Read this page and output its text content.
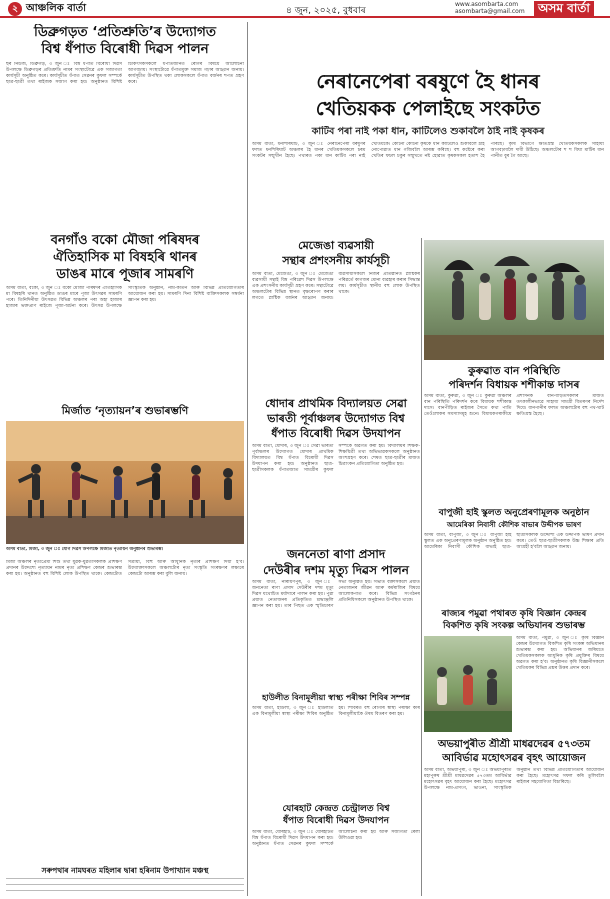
২ আঞ্চলিক বাৰ্তা	৪ জুন, ২০২৫, বুধবাৰ
www.asombarta.com
asombarta@gmail.com	অসম বাৰ্তা
ডিব্ৰুগড়ত ‘প্ৰতিশ্ৰুতি’ৰ উদ্যোগত
বিশ্ব ধঁপাত বিৰোধী দিৱস পালন
ছৰ নিউজ, ডিব্ৰুগড়, ৩ জুন ঃ বিশ্ব ধঁপাত বিৰোধী দিৱস উপলক্ষে ডিব্ৰুগড়ৰ প্ৰতিশ্ৰুতি নামৰ সংস্থাটোৱে এক সজাগতা কাৰ্যসূচী অনুষ্ঠিত কৰে। কাৰ্যসূচীত ধঁপাত সেৱনৰ কুফল সম্পৰ্কে ছাত্ৰ-ছাত্ৰী তথা ৰাইজক সজাগ কৰা হয়। অনুষ্ঠানত বিশিষ্ট চিকিৎসকসকলে ধঁপাতজনিত ৰোগৰ বিষয়ে আলোচনা আগবঢ়ায়। সংস্থাটোৱে ধঁপাতমুক্ত সমাজ গঢ়াৰ আহ্বান জনায়। কাৰ্যসূচীত উপস্থিত থকা লোকসকলে ধঁপাত বৰ্জনৰ শপত গ্ৰহণ কৰে।
বনগাঁও বকো মৌজা পৰিষদৰ
ঐতিহাসিক মা বিষহৰি থানৰ
ডাঙৰ মাৰে পূজাৰ সামৰণি
অসম বাৰ্তা, বকো, ৩ জুন ঃ বকো মৌজা পৰিষদৰ ঐতিহাসিক মা বিষহৰি থানত অনুষ্ঠিত ডাঙৰ মাৰে পূজা উৎসৱৰ সামৰণি পৰে। তিনিদিনীয়া উৎসৱত বিভিন্ন অঞ্চলৰ পৰা অহা হাজাৰ হাজাৰ ভক্তপ্ৰাণ ৰাইজে পূজা-অৰ্চনা কৰে। উৎসৱ উপলক্ষে সাংস্কৃতিক অনুষ্ঠান, নাম-কীৰ্তন আৰু বিভিন্ন প্ৰতিযোগিতাৰ আয়োজন কৰা হয়। সামৰণি দিনা বিশিষ্ট ব্যক্তিসকলক সম্বৰ্ধনা জ্ঞাপন কৰা হয়।
মিৰ্জাত ‘নৃত্যায়ন’ৰ শুভাৰম্ভণি
অসম বাৰ্তা, মিৰ্জা, ৩ জুন ঃ যোগ দিৱস উপলক্ষে মিৰ্জাত নৃত্যায়ন অনুষ্ঠানৰ শুভাৰম্ভ।
মিৰ্জা অঞ্চলৰ নৃত্যপ্ৰেমী শিশু তথা যুৱক-যুৱতীসকলক প্ৰশিক্ষণ প্ৰদানৰ উদ্দেশ্যে নৃত্যায়ন নামৰ নৃত্য প্ৰশিক্ষণ কেন্দ্ৰৰ শুভাৰম্ভ কৰা হয়। অনুষ্ঠানত বহু বিশিষ্ট লোক উপস্থিত থাকে। কেন্দ্ৰটোত সত্ৰীয়া, বিহু আৰু আধুনিক নৃত্যৰ প্ৰশিক্ষণ দিয়া হ'ব। উদ্যোক্তাসকলে অঞ্চলটোৰ নৃত্য সংস্কৃতি সংৰক্ষণৰ লক্ষ্যৰে কেন্দ্ৰটো আৰম্ভ কৰা বুলি জনায়।
সৰুপথাৰ নামঘৰত মহিলাৰ দ্বাৰা হৰিনাম উপাখ্যান মঞ্চস্থ
নেৰানেপেৰা বৰষুণে হৈ ধানৰ
খেতিয়কক পেলাইছে সংকটত
কাটিব পৰা নাই পকা ধান, কাটিলেও শুকাবলৈ ঠাই নাই কৃষকৰ
অসম বাৰ্তা, ধনশিৰিঘাট, ৩ জুন ঃ নেৰানেপেৰা বৰষুণৰ ফলত ধনশিৰিঘাট অঞ্চলৰ হৈ ধানৰ খেতিয়কসকলে চৰম সংকটৰ সন্মুখীন হৈছে। পথাৰত পকা ধান কাটিব পৰা নাই খেতিয়কে। কোনো কোনো কৃষকে ধান কাটিলেও শুকাবলৈ ঠাই নোপোৱাত ধান গজিবলৈ আৰম্ভ কৰিছে। বহু কষ্টেৰে কৰা খেতিৰ ফচল চকুৰ সন্মুখতে নষ্ট হোৱাত কৃষকসকল হতাশ হৈ পৰিছে। কৃষি বিভাগে ক্ষতিগ্ৰস্ত খেতিয়কসকলক সাহায্য আগবঢ়াবলৈ দাবী উঠিছে। অঞ্চলটোৰ শ শ বিঘা মাটিৰ ধান পানীত বুৰ গৈ আছে।
মেজেঙা ব্যৱসায়ী
সন্থাৰ প্ৰশংসনীয় কাৰ্যসূচী
অসম বাৰ্তা, মেজেঙা, ৩ জুন ঃ মেজেঙা ব্যৱসায়ী সন্থাই বিশ্ব পৰিৱেশ দিৱস উপলক্ষে এক প্ৰশংসনীয় কাৰ্যসূচী গ্ৰহণ কৰে। সন্থাটোৱে অঞ্চলটোৰ বিভিন্ন স্থানত বৃক্ষৰোপণ কৰাৰ লগতে প্লাষ্টিক বৰ্জনৰ আহ্বান জনায়। ব্যৱসায়ীসকলে নিজৰ প্ৰতিষ্ঠানত প্লাষ্টিকৰ পৰিৱৰ্তে কাগজৰ মোনা ব্যৱহাৰ কৰাৰ সিদ্ধান্ত লয়। কাৰ্যসূচীত স্থানীয় বহু লোক উপস্থিত থাকে।
ধোদাৰ প্ৰাথমিক বিদ্যালয়ত সেৱা
ভাৰতী পূৰ্বাঞ্চলৰ উদ্যোগত বিশ্ব
ধঁপাত বিৰোধী দিৱস উদযাপন
অসম বাৰ্তা, ধোদাৰ, ৩ জুন ঃ সেৱা ভাৰতী পূৰ্বাঞ্চলৰ উদ্যোগত ধোদাৰ প্ৰাথমিক বিদ্যালয়ত বিশ্ব ধঁপাত বিৰোধী দিৱস উদযাপন কৰা হয়। অনুষ্ঠানত ছাত্ৰ-ছাত্ৰীসকলক ধঁপাতজাত সামগ্ৰীৰ কুফল সম্পৰ্কে অৱগত কৰা হয়। বিদ্যালয়ৰ শিক্ষক-শিক্ষয়িত্ৰী তথা অভিভাৱকসকলে অনুষ্ঠানত অংশগ্ৰহণ কৰে। শেষত ছাত্ৰ-ছাত্ৰীৰ মাজত চিত্ৰাংকন প্ৰতিযোগিতা অনুষ্ঠিত হয়।
জননেতা ৰাণা প্ৰসাদ
দেউৰীৰ দশম মৃত্যু দিৱস পালন
অসম বাৰ্তা, নাৰায়ণপুৰ, ৩ জুন ঃ জননেতা ৰাণা প্ৰসাদ দেউৰীৰ দশম মৃত্যু দিৱস যথোচিত মৰ্যাদাৰে পালন কৰা হয়। পুৱা প্ৰয়াত নেতাজনৰ প্ৰতিকৃতিত শ্ৰদ্ধাঞ্জলি জ্ঞাপন কৰা হয়। তাৰ পিছত এক স্মৃতিচাৰণ সভা অনুষ্ঠিত হয়। সভাত বক্তাসকলে প্ৰয়াত নেতাজনৰ জীৱন আৰু কৰ্মৰাজিৰ বিষয়ে আলোকপাত কৰে। বিভিন্ন সংগঠনৰ প্ৰতিনিধিসকলে অনুষ্ঠানত উপস্থিত থাকে।
হাউলীত বিনামূলীয়া স্বাস্থ্য পৰীক্ষা শিবিৰ সম্পন্ন
অসম বাৰ্তা, হাউলী, ৩ জুন ঃ হাউলীত এক বিনামূলীয়া স্বাস্থ্য পৰীক্ষা শিবিৰ অনুষ্ঠিত হয়। শিবিৰত বহু ৰোগীৰ স্বাস্থ্য পৰীক্ষা কৰি বিনামূলীয়াকৈ ঔষধ বিতৰণ কৰা হয়।
যোৰহাট কেন্দ্ৰত চেন্ট্ৰালত বিশ্ব
ধঁপাত বিৰোধী দিৱস উদযাপন
অসম বাৰ্তা, যোৰহাট, ৩ জুন ঃ যোৰহাটত বিশ্ব ধঁপাত বিৰোধী দিৱস উদযাপন কৰা হয়। অনুষ্ঠানত ধঁপাত সেৱনৰ কুফল সম্পৰ্কে আলোচনা কৰা হয় আৰু সজাগতা ৰেলী উলিওৱা হয়।
কুৰুৱাত বান পৰিস্থিতি
পৰিদৰ্শন বিধায়ক শশীকান্ত দাসৰ
অসম বাৰ্তা, কুৰুৱা, ৩ জুন ঃ কুৰুৱা অঞ্চলৰ বান পৰিস্থিতি পৰিদৰ্শন কৰে বিধায়ক শশীকান্ত দাসে। বানপীড়িত ৰাইজৰ সৈতে কথা পাতি তেওঁলোকৰ সমস্যাসমূহ শুনে। বিধায়কগৰাকীয়ে প্ৰশাসনক বানপীড়িতসকলৰ মাজত তৎকালীনভাৱে সাহায্য সামগ্ৰী বিতৰণৰ নিৰ্দেশ দিয়ে। বানপানীৰ ফলত অঞ্চলটোৰ বহু পথ-ঘাট ক্ষতিগ্ৰস্ত হৈছে।
বাপুজী হাই স্কুলত অনুপ্ৰেৰণামূলক অনুষ্ঠান
আমেৰিকা নিবাসী কৌশিক বাভাৰ উদ্দীপক ভাষণ
অসম বাৰ্তা, বাপুজী, ৩ জুন ঃ বাপুজী হাই স্কুলত এক অনুপ্ৰেৰণামূলক অনুষ্ঠান অনুষ্ঠিত হয়। আমেৰিকা নিবাসী কৌশিক বাভাই ছাত্ৰ-ছাত্ৰীসকলক উদ্দেশ্যি এক উদ্দীপক ভাষণ প্ৰদান কৰে। তেওঁ ছাত্ৰ-ছাত্ৰীসকলক উচ্চ শিক্ষাৰ প্ৰতি আগ্ৰহী হ'বলৈ আহ্বান জনায়।
ৰাজ্যৰ পমুৱা পথাৰত কৃষি বিজ্ঞান কেন্দ্ৰৰ
বিকশিত কৃষি সংকল্প অভিযানৰ শুভাৰম্ভ
অসম বাৰ্তা, পমুৱা, ৩ জুন ঃ কৃষি বিজ্ঞান কেন্দ্ৰৰ উদ্যোগত বিকশিত কৃষি সংকল্প অভিযানৰ শুভাৰম্ভ কৰা হয়। অভিযানৰ জৰিয়তে খেতিয়কসকলক আধুনিক কৃষি প্ৰযুক্তিৰ বিষয়ে অৱগত কৰা হ'ব। অনুষ্ঠানত কৃষি বিজ্ঞানীসকলে খেতিয়কৰ বিভিন্ন প্ৰশ্নৰ উত্তৰ প্ৰদান কৰে।
অভয়াপুৰীত শ্ৰীশ্ৰী মাধৱদেৱৰ ৫৭৩তম
আবিৰ্ভাৱ মহোৎসৱৰ বৃহৎ আয়োজন
অসম বাৰ্তা, অভয়াপুৰী, ৩ জুন ঃ অভয়াপুৰীত মহাপুৰুষ শ্ৰীশ্ৰী মাধৱদেৱৰ ৫৭৩তম আবিৰ্ভাৱ মহোৎসৱৰ বৃহৎ আয়োজন কৰা হৈছে। মহোৎসৱ উপলক্ষে নাম-প্ৰসংগ, ভাওনা, সাংস্কৃতিক অনুষ্ঠান তথা বিভিন্ন প্ৰতিযোগিতাৰ আয়োজন কৰা হৈছে। মহোৎসৱ সফল কৰি তুলিবলৈ ৰাইজৰ সহযোগিতা বিচাৰিছে।
